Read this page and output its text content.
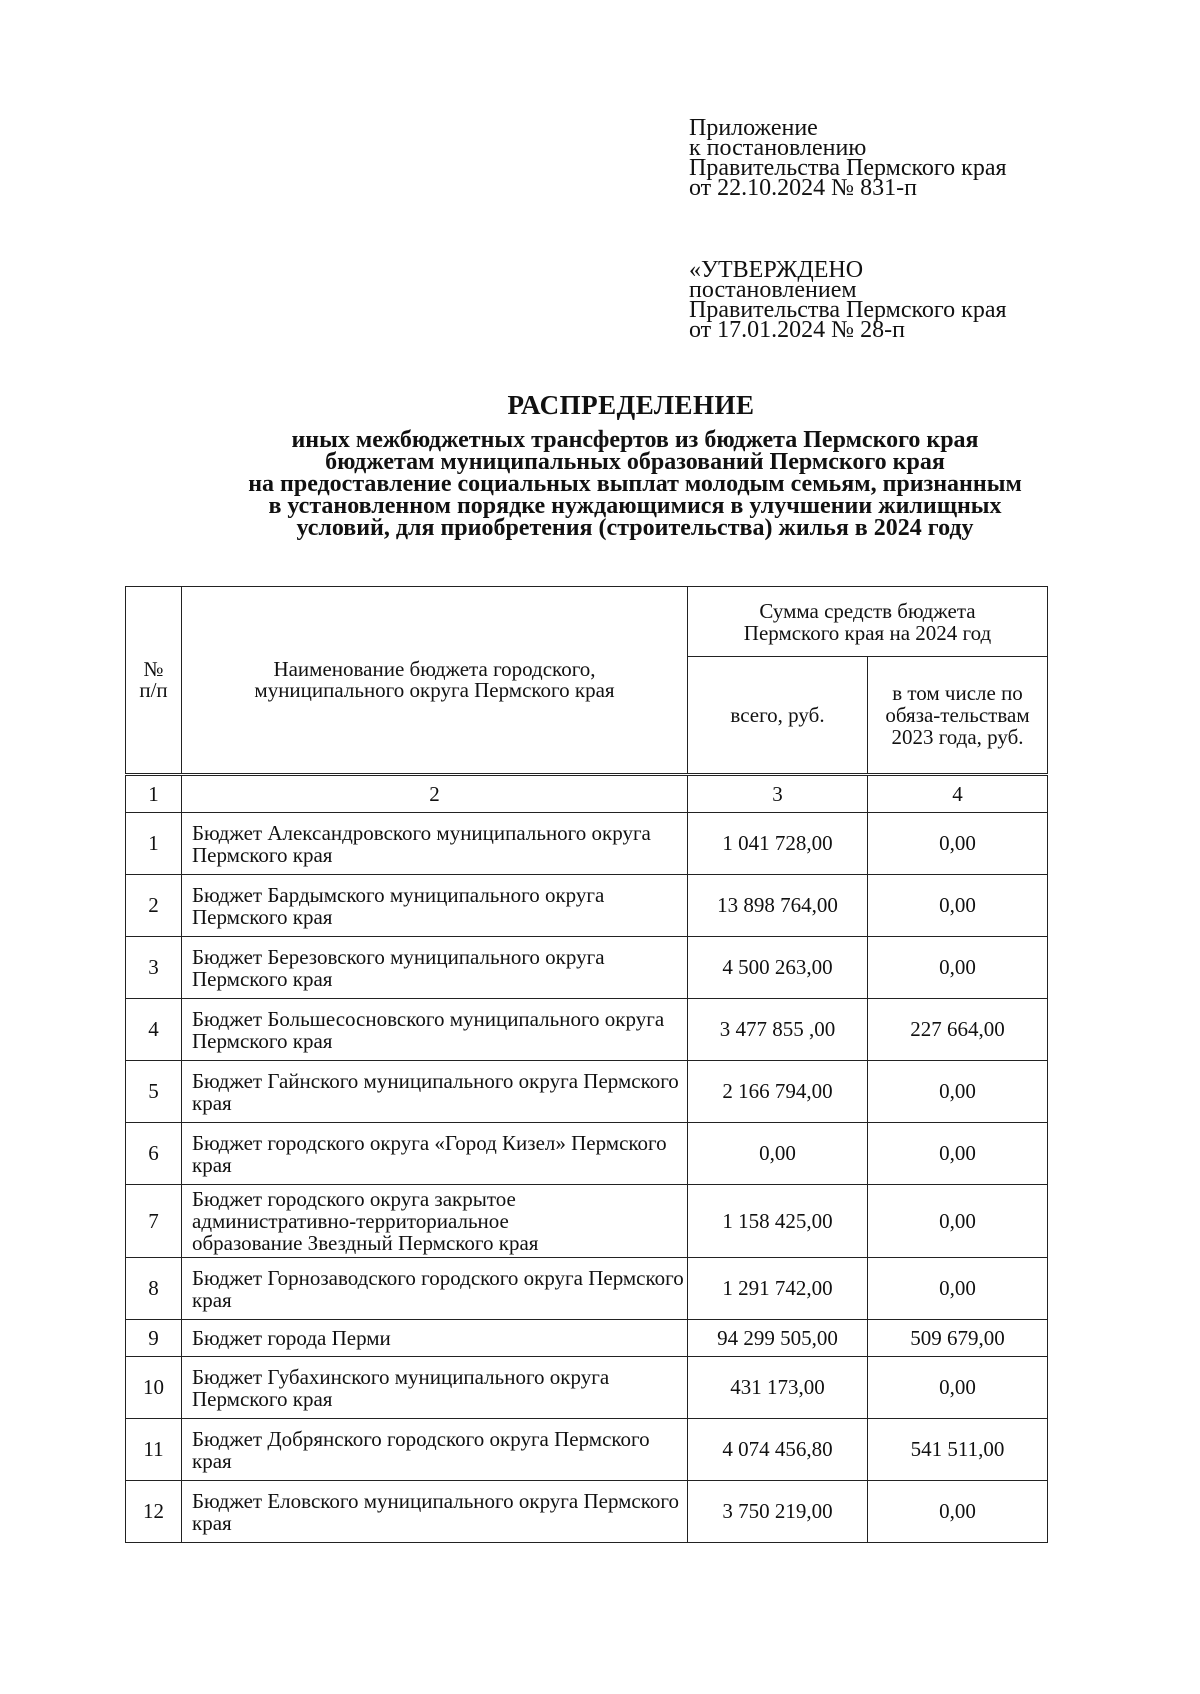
Приложение
к постановлению
Правительства Пермского края
от 22.10.2024 № 831-п
«УТВЕРЖДЕНО
постановлением
Правительства Пермского края
от 17.01.2024 № 28-п
РАСПРЕДЕЛЕНИЕ
иных межбюджетных трансфертов из бюджета Пермского края
бюджетам муниципальных образований Пермского края
на предоставление социальных выплат молодым семьям, признанным
в установленном порядке нуждающимися в улучшении жилищных
условий, для приобретения (строительства) жилья в 2024 году
№ п/п	Наименование бюджета городского, муниципального округа Пермского края	Сумма средств бюджета Пермского края на 2024 год	

		всего, руб.	в том числе по обяза-тельствам 2023 года, руб.

1	2	3	4
1	Бюджет Александровского муниципального округа Пермского края	1 041 728,00	0,00
2	Бюджет Бардымского муниципального округа Пермского края	13 898 764,00	0,00
3	Бюджет Березовского муниципального округа Пермского края	4 500 263,00	0,00
4	Бюджет Большесосновского муниципального округа Пермского края	3 477 855 ,00	227 664,00
5	Бюджет Гайнского муниципального округа Пермского края	2 166 794,00	0,00
6	Бюджет городского округа «Город Кизел» Пермского края	0,00	0,00
7	Бюджет городского округа закрытое административно-территориальное образование Звездный Пермского края	1 158 425,00	0,00
8	Бюджет Горнозаводского городского округа Пермского края	1 291 742,00	0,00
9	Бюджет города Перми	94 299 505,00	509 679,00
10	Бюджет Губахинского муниципального округа Пермского края	431 173,00	0,00
11	Бюджет Добрянского городского округа Пермского края	4 074 456,80	541 511,00
12	Бюджет Еловского муниципального округа Пермского края	3 750 219,00	0,00
